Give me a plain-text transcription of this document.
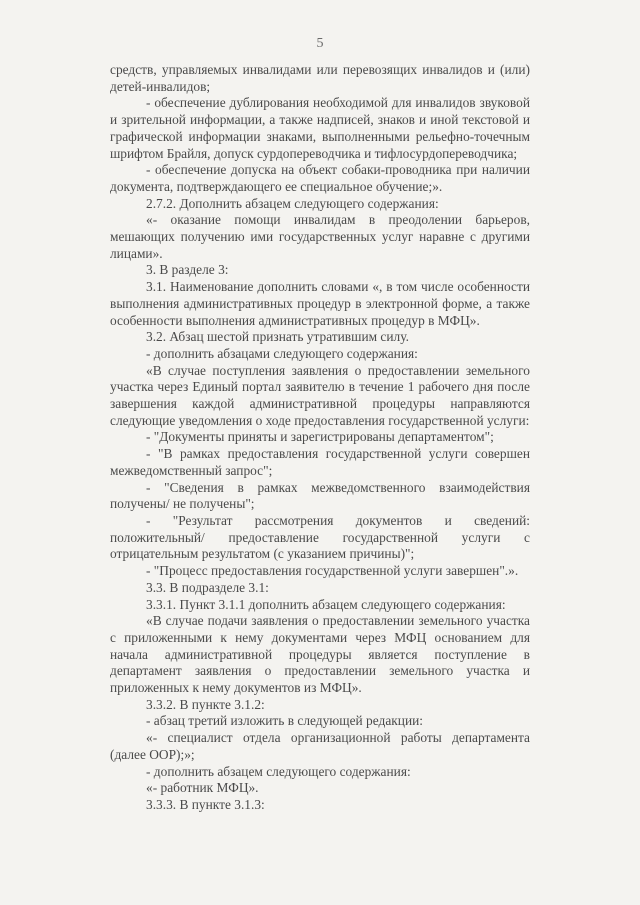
5

средств, управляемых инвалидами или перевозящих инвалидов и (или) детей-инвалидов;

- обеспечение дублирования необходимой для инвалидов звуковой и зрительной информации, а также надписей, знаков и иной текстовой и графической информации знаками, выполненными рельефно-точечным шрифтом Брайля, допуск сурдопереводчика и тифлосурдопереводчика;

- обеспечение допуска на объект собаки-проводника при наличии документа, подтверждающего ее специальное обучение;».

2.7.2. Дополнить абзацем следующего содержания:

«- оказание помощи инвалидам в преодолении барьеров, мешающих получению ими государственных услуг наравне с другими лицами».

3. В разделе 3:

3.1. Наименование дополнить словами «, в том числе особенности выполнения административных процедур в электронной форме, а также особенности выполнения административных процедур в МФЦ».

3.2. Абзац шестой признать утратившим силу.

- дополнить абзацами следующего содержания:

«В случае поступления заявления о предоставлении земельного участка через Единый портал заявителю в течение 1 рабочего дня после завершения каждой административной процедуры направляются следующие уведомления о ходе предоставления государственной услуги:

- "Документы приняты и зарегистрированы департаментом";

- "В рамках предоставления государственной услуги совершен межведомственный запрос";

- "Сведения в рамках межведомственного взаимодействия получены/ не получены";

- "Результат рассмотрения документов и сведений: положительный/ предоставление государственной услуги с отрицательным результатом (с указанием причины)";

- "Процесс предоставления государственной услуги завершен".».

3.3. В подразделе 3.1:

3.3.1. Пункт 3.1.1 дополнить абзацем следующего содержания:

«В случае подачи заявления о предоставлении земельного участка с приложенными к нему документами через МФЦ основанием для начала административной процедуры является поступление в департамент заявления о предоставлении земельного участка и приложенных к нему документов из МФЦ».

3.3.2. В пункте 3.1.2:

- абзац третий изложить в следующей редакции:

«- специалист отдела организационной работы департамента (далее ООР);»;

- дополнить абзацем следующего содержания:

«- работник МФЦ».

3.3.3. В пункте 3.1.3:
